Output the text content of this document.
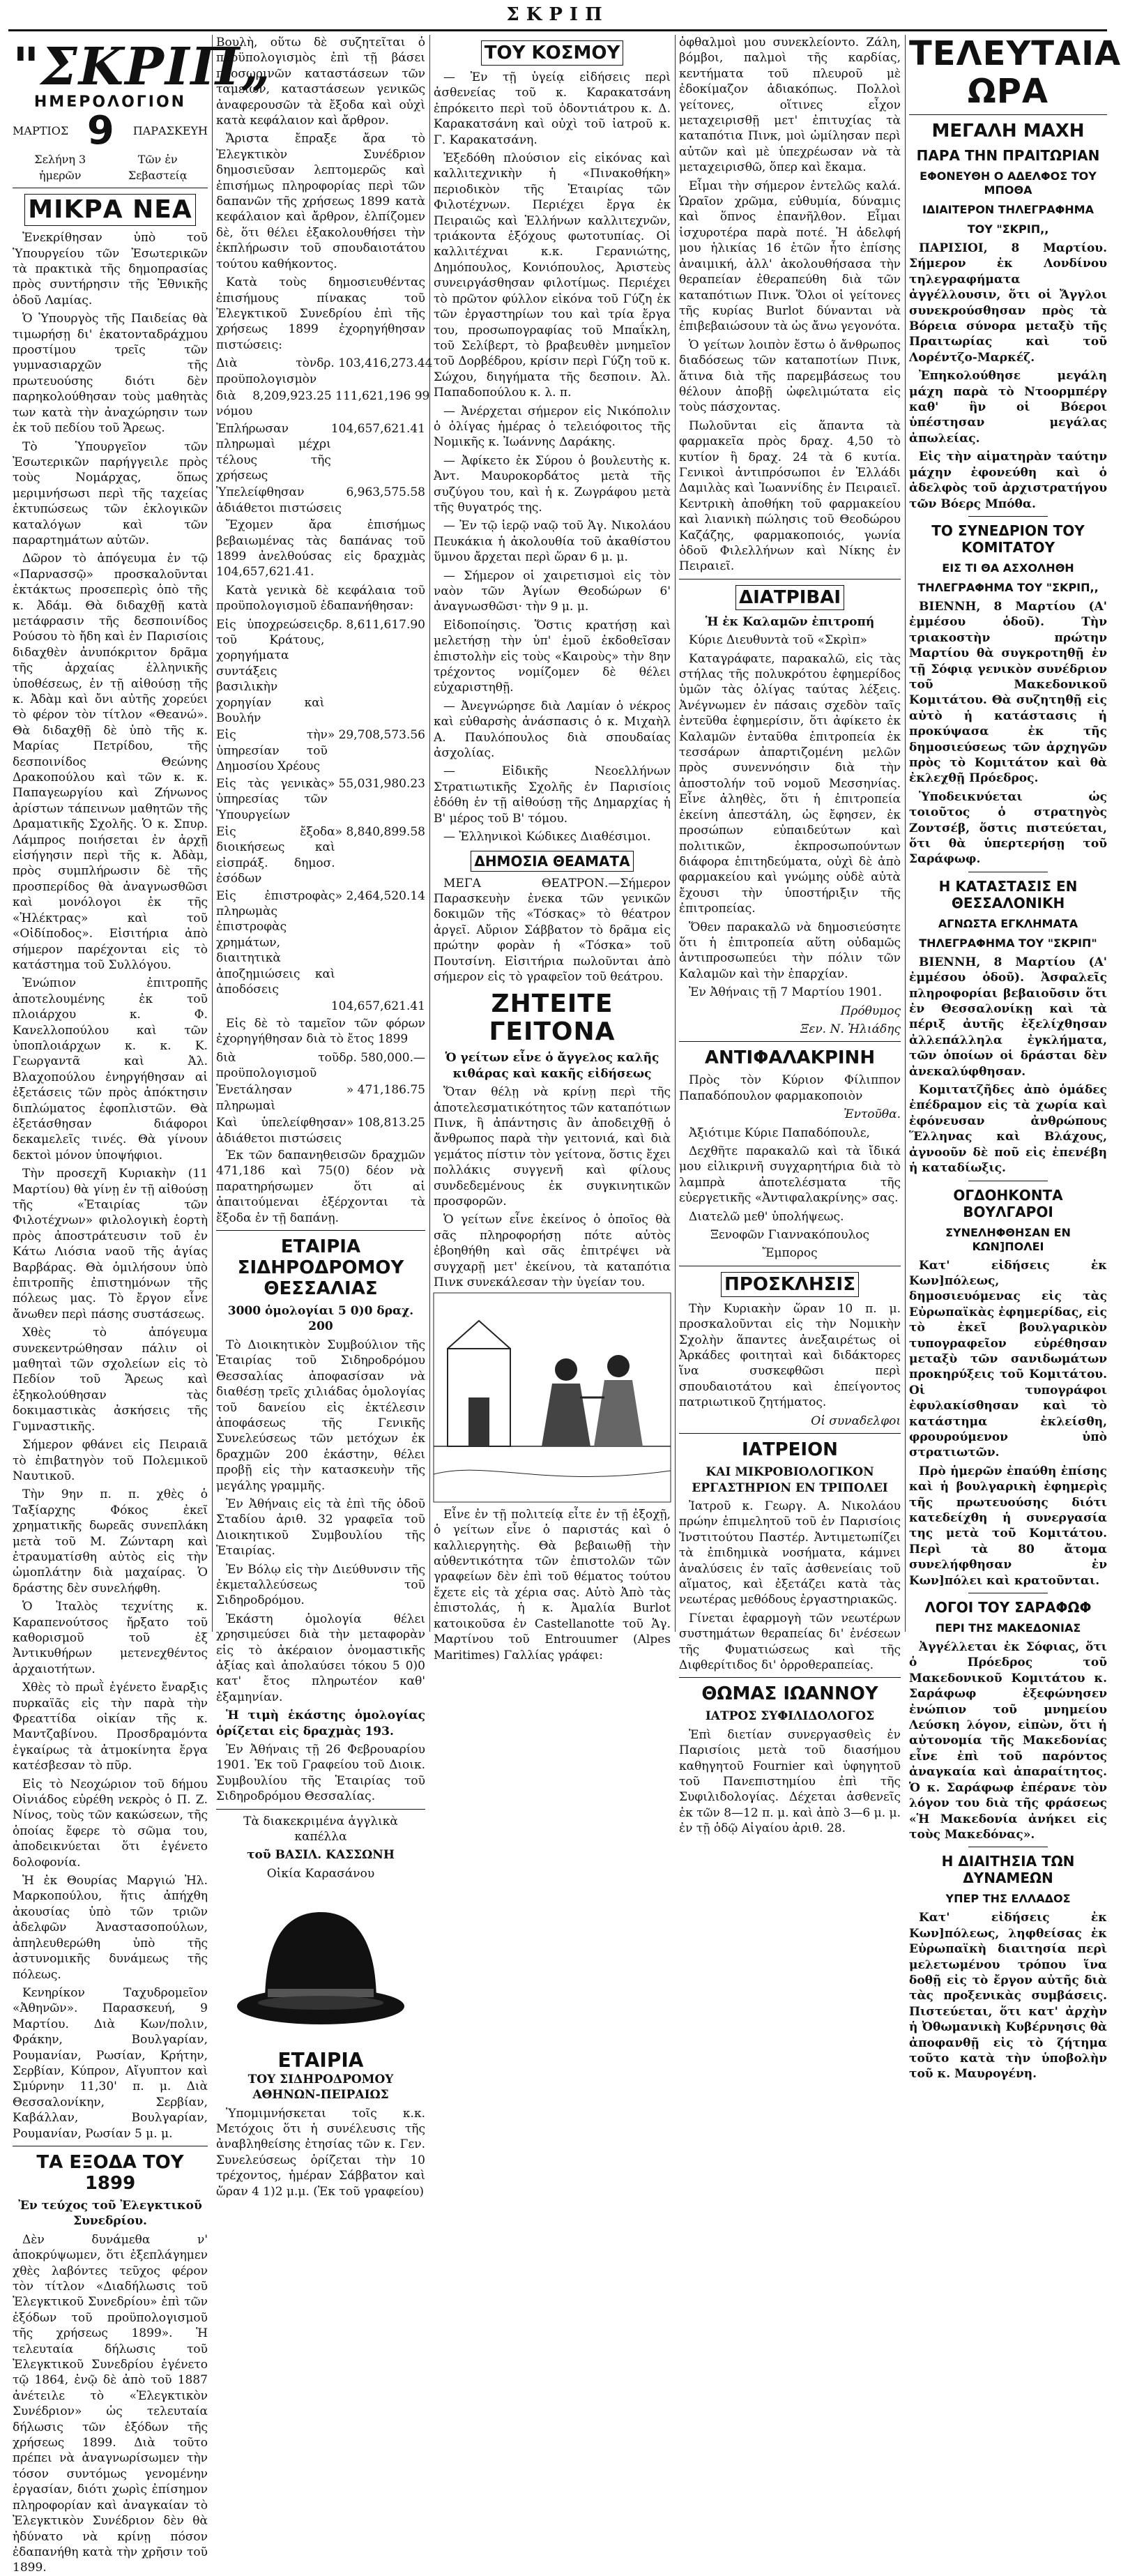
ΣΚΡΙΠ
"ΣΚΡΙΠ„
ΗΜΕΡΟΛΟΓΙΟΝ
ΜΑΡΤΙΟΣ 9 ΠΑΡΑΣΚΕΥΗ
Σελήνη 3 ἡμερῶν
Τῶν ἐν Σεβαστείᾳ
ΜΙΚΡΑ ΝΕΑ

Ἐνεκρίθησαν ὑπὸ τοῦ Ὑπουργείου τῶν Ἐσωτερικῶν τὰ πρακτικὰ τῆς δημοπρασίας πρὸς συντήρησιν τῆς Ἐθνικῆς ὁδοῦ Λαμίας.

Ὁ Ὑπουργὸς τῆς Παιδείας θὰ τιμωρήσῃ δι' ἑκατονταδράχμου προστίμου τρεῖς τῶν γυμνασιαρχῶν τῆς πρωτευούσης διότι δὲν παρηκολούθησαν τοὺς μαθητὰς των κατὰ τὴν ἀναχώρησιν των ἐκ τοῦ πεδίου τοῦ Ἄρεως.

Τὸ Ὑπουργεῖον τῶν Ἐσωτερικῶν παρήγγειλε πρὸς τοὺς Νομάρχας, ὅπως μεριμνήσωσι περὶ τῆς ταχείας ἐκτυπώσεως τῶν ἐκλογικῶν καταλόγων καὶ τῶν παραρτημάτων αὐτῶν.

Δῶρον τὸ ἀπόγευμα ἐν τῷ «Παρνασσῷ» προσκαλοῦνται ἐκτάκτως προσεπερὶς ὁπὸ τῆς κ. Ἀδάμ. Θὰ διδαχθῇ κατὰ μετάφρασιν τῆς δεσποινίδος Ρούσου τὸ ἤδη καὶ ἐν Παρισίοις διδαχθὲν ἀνυπόκριτον δρᾶμα τῆς ἀρχαίας ἑλληνικῆς ὑποθέσεως, ἐν τῇ αἰθούσῃ τῆς κ. Ἀδὰμ καὶ ὄνι αὐτῆς χορεύει τὸ φέρον τὸν τίτλον «Θεανώ». Θὰ διδαχθῇ δὲ ὑπὸ τῆς κ. Μαρίας Πετρίδου, τῆς δεσποινίδος Θεώνης Δρακοπούλου καὶ τῶν κ. κ. Παπαγεωργίου καὶ Ζήνωνος ἀρίστων τάπεινων μαθητῶν τῆς Δραματικῆς Σχολῆς. Ὁ κ. Σπυρ. Λάμπρος ποιήσεται ἐν ἀρχῇ εἰσήγησιν περὶ τῆς κ. Ἀδὰμ, πρὸς συμπλήρωσιν δὲ τῆς προσπερίδος θὰ ἀναγνωσθῶσι καὶ μονόλογοι ἐκ τῆς «Ἠλέκτρας» καὶ τοῦ «Οἰδίποδος». Εἰσιτήρια ἀπὸ σήμερον παρέχονται εἰς τὸ κατάστημα τοῦ Συλλόγου.

Ἐνώπιον ἐπιτροπῆς ἀποτελουμένης ἐκ τοῦ πλοιάρχου κ. Φ. Κανελλοπούλου καὶ τῶν ὑποπλοιάρχων κ. κ. Κ. Γεωργαντᾶ καὶ Ἀλ. Βλαχοπούλου ἐνηργήθησαν αἱ ἐξετάσεις τῶν πρὸς ἀπόκτησιν διπλώματος ἐφοπλιστῶν. Θὰ ἐξετάσθησαν διάφοροι δεκαμελεῖς τινές. Θὰ γίνουν δεκτοὶ μόνον ὑποψήφιοι.

Τὴν προσεχῆ Κυριακὴν (11 Μαρτίου) θὰ γίνῃ ἐν τῇ αἰθούσῃ τῆς «Ἑταιρίας τῶν Φιλοτέχνων» φιλολογικὴ ἑορτὴ πρὸς ἀποστράτευσιν τοῦ ἐν Κάτω Λιόσια ναοῦ τῆς ἁγίας Βαρβάρας. Θὰ ὁμιλήσουν ὑπὸ ἐπιτροπῆς ἐπιστημόνων τῆς πόλεως μας. Τὸ ἔργον εἶνε ἄνωθεν περὶ πάσης συστάσεως.

Χθὲς τὸ ἀπόγευμα συνεκεντρώθησαν πάλιν οἱ μαθηταὶ τῶν σχολείων εἰς τὸ Πεδίον τοῦ Ἄρεως καὶ ἐξηκολούθησαν τὰς δοκιμαστικὰς ἀσκήσεις τῆς Γυμναστικῆς.

Σήμερον φθάνει εἰς Πειραιᾶ τὸ ἐπιβατηγὸν τοῦ Πολεμικοῦ Ναυτικοῦ.

Τὴν 9ην π. π. χθὲς ὁ Ταξίαρχης Φόκος ἐκεῖ χρηματικῆς δωρεᾶς συνεπλάκη μετὰ τοῦ Μ. Ζώνταρη καὶ ἐτραυματίσθη αὐτὸς εἰς τὴν ὠμοπλάτην διὰ μαχαίρας. Ὁ δράστης δὲν συνελήφθη.

Ὁ Ἰταλὸς τεχνίτης κ. Καραπενούτσος ἤρξατο τοῦ καθορισμοῦ τοῦ ἐξ Ἀντικυθήρων μετενεχθέντος ἀρχαιοτήτων.

Χθὲς τὸ πρωῒ ἐγένετο ἔναρξις πυρκαϊᾶς εἰς τὴν παρὰ τὴν Φρεαττίδα οἰκίαν τῆς κ. Μαντζαβίνου. Προσδραμόντα ἐγκαίρως τὰ ἀτμοκίνητα ἔργα κατέσβεσαν τὸ πῦρ.

Εἰς τὸ Νεοχώριον τοῦ δήμου Οἰνιάδος εὑρέθη νεκρὸς ὁ Π. Ζ. Νίνος, τοὺς τῶν κακώσεων, τῆς ὁποίας ἔφερε τὸ σῶμα του, ἀποδεικνύεται ὅτι ἐγένετο δολοφονία.

Ἡ ἐκ Θουρίας Μαργιώ Ἠλ. Μαρκοπούλου, ἥτις ἀπήχθη ἀκουσίας ὑπὸ τῶν τριῶν ἀδελφῶν Ἀναστασοπούλων, ἀπηλευθερώθη ὑπὸ τῆς ἀστυνομικῆς δυνάμεως τῆς πόλεως.

Κενηρίκον Ταχυδρομεῖον «Ἀθηνῶν». Παρασκευή, 9 Μαρτίου. Διὰ Κων/πολιν, Φράκην, Βουλγαρίαν, Ρουμανίαν, Ρωσίαν, Κρήτην, Σερβίαν, Κύπρον, Αἴγυπτον καὶ Σμύρνην 11,30' π. μ. Διὰ Θεσσαλονίκην, Σερβίαν, Καβάλλαν, Βουλγαρίαν, Ρουμανίαν, Ρωσίαν 5 μ. μ.

ΤΑ ΕΞΟΔΑ ΤΟΥ 1899

Ἐν τεύχος τοῦ Ἐλεγκτικοῦ Συνεδρίου.

Δὲν δυνάμεθα ν' ἀποκρύψωμεν, ὅτι ἐξεπλάγημεν χθὲς λαβόντες τεῦχος φέρον τὸν τίτλον «Διαδήλωσις τοῦ Ἐλεγκτικοῦ Συνεδρίου» ἐπὶ τῶν ἐξόδων τοῦ προϋπολογισμοῦ τῆς χρήσεως 1899». Ἡ τελευταία δήλωσις τοῦ Ἐλεγκτικοῦ Συνεδρίου ἐγένετο τῷ 1864, ἐνῷ δὲ ἀπὸ τοῦ 1887 ἀνέτειλε τὸ «Ἐλεγκτικὸν Συνέδριον» ὡς τελευταία δήλωσις τῶν ἐξόδων τῆς χρήσεως 1899. Διὰ τοῦτο πρέπει νὰ ἀναγνωρίσωμεν τὴν τόσον συντόμως γενομένην ἐργασίαν, διότι χωρὶς ἐπίσημον πληροφορίαν καὶ ἀναγκαίαν τὸ Ἐλεγκτικὸν Συνέδριον δὲν θὰ ἠδύνατο νὰ κρίνῃ πόσον ἐδαπανήθη κατὰ τὴν χρῆσιν τοῦ 1899.

Βουλὴ, οὕτω δὲ συζητεῖται ὁ προϋπολογισμὸς ἐπὶ τῇ βάσει προσωρινῶν καταστάσεων τῶν ταμείων, καταστάσεων γενικῶς ἀναφερουσῶν τὰ ἔξοδα καὶ οὐχὶ κατὰ κεφάλαιον καὶ ἄρθρον.

Ἄριστα ἔπραξε ἄρα τὸ Ἐλεγκτικὸν Συνέδριον δημοσιεῦσαν λεπτομερῶς καὶ ἐπισήμως πληροφορίας περὶ τῶν δαπανῶν τῆς χρήσεως 1899 κατὰ κεφάλαιον καὶ ἄρθρον, ἐλπίζομεν δὲ, ὅτι θέλει ἐξακολουθήσει τὴν ἐκπλήρωσιν τοῦ σπουδαιοτάτου τούτου καθήκοντος.

Κατὰ τοὺς δημοσιευθέντας ἐπισήμους πίνακας τοῦ Ἐλεγκτικοῦ Συνεδρίου ἐπὶ τῆς χρήσεως 1899 ἐχορηγήθησαν πιστώσεις:

Διὰ τὸν προϋπολογισμὸν
δρ. 103,416,273.44
διὰ νόμου
8,209,923.25 111,621,196 99
Ἐπλήρωσαν πληρωμαὶ μέχρι τέλους τῆς χρήσεως
104,657,621.41
Ὑπελείφθησαν ἀδιάθετοι πιστώσεις
6,963,575.58

Ἔχομεν ἄρα ἐπισήμως βεβαιωμένας τὰς δαπάνας τοῦ 1899 ἀνελθούσας εἰς δραχμὰς 104,657,621.41.

Κατὰ γενικὰ δὲ κεφάλαια τοῦ προϋπολογισμοῦ ἐδαπανήθησαν:

Εἰς ὑποχρεώσεις τοῦ Κράτους, χορηγήματα συντάξεις βασιλικὴν χορηγίαν καὶ Βουλήν
δρ. 8,611,617.90
Εἰς τὴν ὑπηρεσίαν τοῦ Δημοσίου Χρέους
» 29,708,573.56
Εἰς τὰς γενικὰς ὑπηρεσίας τῶν Ὑπουργείων
» 55,031,980.23
Εἰς ἔξοδα διοικήσεως καὶ εἰσπράξ. δημοσ. ἐσόδων
» 8,840,899.58
Εἰς ἐπιστροφὰς πληρωμὰς ἐπιστροφὰς χρημάτων, διαιτητικὰ ἀποζημιώσεις καὶ ἀποδόσεις
» 2,464,520.14
104,657,621.41

Εἰς δὲ τὸ ταμεῖον τῶν φόρων ἐχορηγήθησαν διὰ τὸ ἔτος 1899

διὰ τοῦ προϋπολογισμοῦ
δρ. 580,000.—
Ἐνετάλησαν πληρωμαὶ
» 471,186.75
Καὶ ὑπελείφθησαν ἀδιάθετοι πιστώσεις
» 108,813.25

Ἐκ τῶν δαπανηθεισῶν δραχμῶν 471,186 καὶ 75(0) δέον νὰ παρατηρήσωμεν ὅτι αἱ ἀπαιτούμεναι ἐξέρχονται τὰ ἔξοδα ἐν τῇ δαπάνῃ.

ΕΤΑΙΡΙΑ ΣΙΔΗΡΟΔΡΟΜΟΥ ΘΕΣΣΑΛΙΑΣ

3000 ὁμολογίαι 5 0)0 δραχ. 200

Τὸ Διοικητικὸν Συμβούλιον τῆς Ἑταιρίας τοῦ Σιδηροδρόμου Θεσσαλίας ἀποφασίσαν νὰ διαθέσῃ τρεῖς χιλιάδας ὁμολογίας τοῦ δανείου εἰς ἐκτέλεσιν ἀποφάσεως τῆς Γενικῆς Συνελεύσεως τῶν μετόχων ἐκ δραχμῶν 200 ἑκάστην, θέλει προβῇ εἰς τὴν κατασκευὴν τῆς μεγάλης γραμμῆς.

Ἐν Ἀθήναις εἰς τὰ ἐπὶ τῆς ὁδοῦ Σταδίου ἀριθ. 32 γραφεῖα τοῦ Διοικητικοῦ Συμβουλίου τῆς Ἑταιρίας.

Ἐν Βόλῳ εἰς τὴν Διεύθυνσιν τῆς ἐκμεταλλεύσεως τοῦ Σιδηροδρόμου.

Ἑκάστη ὁμολογία θέλει χρησιμεύσει διὰ τὴν μεταφορὰν εἰς τὸ ἀκέραιον ὀνομαστικῆς ἀξίας καὶ ἀπολαύσει τόκου 5 0)0 κατ' ἔτος πληρωτέον καθ' ἑξαμηνίαν.

Ἡ τιμὴ ἑκάστης ὁμολογίας ὁρίζεται εἰς δραχμὰς 193.

Ἐν Ἀθήναις τῇ 26 Φεβρουαρίου 1901. Ἐκ τοῦ Γραφείου τοῦ Διοικ. Συμβουλίου τῆς Ἑταιρίας τοῦ Σιδηροδρόμου Θεσσαλίας.

Τὰ διακεκριμένα ἀγγλικὰ καπέλλα

τοῦ ΒΑΣΙΛ. ΚΑΣΣΩΝΗ

Οἰκία Καρασάνου

ΕΤΑΙΡΙΑ

ΤΟΥ ΣΙΔΗΡΟΔΡΟΜΟΥ ΑΘΗΝΩΝ-ΠΕΙΡΑΙΩΣ

Ὑπομιμνήσκεται τοῖς κ.κ. Μετόχοις ὅτι ἡ συνέλευσις τῆς ἀναβληθείσης ἐτησίας τῶν κ. Γεν. Συνελεύσεως ὁρίζεται τὴν 10 τρέχοντος, ἡμέραν Σάββατον καὶ ὥραν 4 1)2 μ.μ. (Ἐκ τοῦ γραφείου)

ΤΟΥ ΚΟΣΜΟΥ

— Ἐν τῇ ὑγείᾳ εἰδήσεις περὶ ἀσθενείας τοῦ κ. Καρακατσάνη ἐπρόκειτο περὶ τοῦ ὀδοντιάτρου κ. Δ. Καρακατσάνη καὶ οὐχὶ τοῦ ἰατροῦ κ. Γ. Καρακατσάνη.

Ἐξεδόθη πλούσιον εἰς εἰκόνας καὶ καλλιτεχνικὴν ἡ «Πινακοθήκη» περιοδικὸν τῆς Ἑταιρίας τῶν Φιλοτέχνων. Περιέχει ἔργα ἐκ Πειραιῶς καὶ Ἑλλήνων καλλιτεχνῶν, τριάκοντα ἐξόχους φωτοτυπίας. Οἱ καλλιτέχναι κ.κ. Γερανιώτης, Δημόπουλος, Κονιόπουλος, Ἀριστεὺς συνειργάσθησαν φιλοτίμως. Περιέχει τὸ πρῶτον φύλλον εἰκόνα τοῦ Γύζη ἐκ τῶν ἐργαστηρίων του καὶ τρία ἔργα του, προσωπογραφίας τοῦ Μπαΐκλη, τοῦ Σελίβερτ, τὸ βραβευθὲν μνημεῖον τοῦ Δορβέδρου, κρίσιν περὶ Γύζη τοῦ κ. Σώχου, διηγήματα τῆς δεσποιν. Ἀλ. Παπαδοπούλου κ. λ. π.

— Ἀνέρχεται σήμερον εἰς Νικόπολιν ὁ ὀλίγας ἡμέρας ὁ τελειόφοιτος τῆς Νομικῆς κ. Ἰωάννης Δαράκης.

— Ἀφίκετο ἐκ Σύρου ὁ βουλευτὴς κ. Ἀντ. Μαυροκορδάτος μετὰ τῆς συζύγου του, καὶ ἡ κ. Ζωγράφου μετὰ τῆς θυγατρός της.

— Ἐν τῷ ἱερῷ ναῷ τοῦ Ἁγ. Νικολάου Πευκάκια ἡ ἀκολουθία τοῦ ἀκαθίστου ὕμνου ἄρχεται περὶ ὥραν 6 μ. μ.

— Σήμερον οἱ χαιρετισμοὶ εἰς τὸν ναὸν τῶν Ἁγίων Θεοδώρων 6' ἀναγνωσθῶσι· τὴν 9 μ. μ.

Εἰδοποίησις. Ὅστις κρατήσῃ καὶ μελετήσῃ τὴν ὑπ' ἐμοῦ ἐκδοθεῖσαν ἐπιστολὴν εἰς τοὺς «Καιροὺς» τὴν 8ην τρέχοντος νομίζομεν δὲ θέλει εὐχαριστηθῇ.

— Ἀνεγνώρησε διὰ Λαμίαν ὁ νέκρος καὶ εὐθαρσὴς ἀνάσπασις ὁ κ. Μιχαὴλ Α. Παυλόπουλος διὰ σπουδαίας ἀσχολίας.

— Εἰδικῆς Νεοελλήνων Στρατιωτικῆς Σχολῆς ἐν Παρισίοις ἐδόθη ἐν τῇ αἰθούσῃ τῆς Δημαρχίας ἡ Β' μέρος τοῦ Β' τόμου.

— Ἐλληνικοὶ Κώδικες Διαθέσιμοι.

ΔΗΜΟΣΙΑ ΘΕΑΜΑΤΑ

ΜΕΓΑ ΘΕΑΤΡΟΝ.—Σήμερον Παρασκευὴν ἐνεκα τῶν γενικῶν δοκιμῶν τῆς «Τόσκας» τὸ θέατρον ἀργεῖ. Αὔριον Σάββατον τὸ δρᾶμα εἰς πρώτην φορὰν ἡ «Τόσκα» τοῦ Πουτσίνη. Εἰσιτήρια πωλοῦνται ἀπὸ σήμερον εἰς τὸ γραφεῖον τοῦ θεάτρου.

ΖΗΤΕΙΤΕ ΓΕΙΤΟΝΑ

Ὁ γείτων εἶνε ὁ ἄγγελος καλῆς κιθάρας καὶ κακῆς εἰδήσεως

Ὅταν θέλῃ νὰ κρίνῃ περὶ τῆς ἀποτελεσματικότητος τῶν καταπότιων Πινκ, ἢ ἀπάντησις ἂν ἀποδειχθῇ ὁ ἄνθρωπος παρὰ τὴν γειτονιά, καὶ διὰ γεμάτος πίστιν τὸν γείτονα, ὅστις ἔχει πολλάκις συγγενῆ καὶ φίλους συνδεδεμένους ἐκ συγκινητικῶν προσφορῶν.

Ὁ γείτων εἶνε ἐκείνος ὁ ὁποῖος θὰ σᾶς πληροφορήσῃ πότε αὐτὸς ἐβοηθήθη καὶ σᾶς ἐπιτρέψει νὰ συγχαρῇ μετ' ἐκείνου, τὰ καταπότια Πινκ συνεκάλεσαν τὴν ὑγείαν του.

Εἶνε ἐν τῇ πολιτείᾳ εἶτε ἐν τῇ ἐξοχῇ, ὁ γείτων εἶνε ὁ παριστάς καὶ ὁ καλλιεργητὴς. Θὰ βεβαιωθῇ τὴν αὐθεντικότητα τῶν ἐπιστολῶν τῶν γραφείων δὲν ἐπὶ τοῦ θέματος τούτου ἔχετε εἰς τὰ χέρια σας. Αὐτὸ Ἀπὸ τὰς ἐπιστολάς, ἡ κ. Ἀμαλία Burlot κατοικοῦσα ἐν Castellanotte τοῦ Ἁγ. Μαρτίνου τοῦ Entrouumer (Alpes Maritimes) Γαλλίας γράφει:

ὀφθαλμοὶ μου συνεκλείοντο. Ζάλη, βόμβοι, παλμοὶ τῆς καρδίας, κεντήματα τοῦ πλευροῦ μὲ ἐδοκίμαζον ἀδιακόπως. Πολλοὶ γείτονες, οἵτινες εἶχον μεταχειρισθῇ μετ' ἐπιτυχίας τὰ καταπότια Πινκ, μοὶ ὡμίλησαν περὶ αὐτῶν καὶ μὲ ὑπεχρέωσαν νὰ τὰ μεταχειρισθῶ, ὅπερ καὶ ἔκαμα.

Εἶμαι τὴν σήμερον ἐντελῶς καλά. Ὡραῖον χρῶμα, εὐθυμία, δύναμις καὶ ὅπνος ἐπανῆλθον. Εἶμαι ἰσχυροτέρα παρὰ ποτέ. Ἡ ἀδελφή μου ἡλικίας 16 ἐτῶν ἦτο ἐπίσης ἀναιμική, ἀλλ' ἀκολουθήσασα τὴν θεραπείαν ἐθεραπεύθη διὰ τῶν καταπότιων Πινκ. Ὅλοι οἱ γείτονες τῆς κυρίας Burlot δύνανται νὰ ἐπιβεβαιώσουν τὰ ὡς ἄνω γεγονότα.

Ὁ γείτων λοιπὸν ἔστω ὁ ἄνθρωπος διαδόσεως τῶν καταποτίων Πινκ, ἅτινα διὰ τῆς παρεμβάσεως του θέλουν ἀποβῇ ὠφελιμώτατα εἰς τοὺς πάσχοντας.

Πωλοῦνται εἰς ἅπαντα τὰ φαρμακεῖα πρὸς δραχ. 4,50 τὸ κυτίον ἢ δραχ. 24 τὰ 6 κυτία. Γενικοὶ ἀντιπρόσωποι ἐν Ἑλλάδι Δαμιλὰς καὶ Ἰωαννίδης ἐν Πειραιεῖ. Κεντρικὴ ἀποθήκη τοῦ φαρμακείου καὶ λιανικὴ πώλησις τοῦ Θεοδώρου Καζάζης, φαρμακοποιός, γωνία ὁδοῦ Φιλελλήνων καὶ Νίκης ἐν Πειραιεῖ.

ΔΙΑΤΡΙΒΑΙ

Ἡ ἐκ Καλαμῶν ἐπιτροπή

Κύριε Διευθυντὰ τοῦ «Σκρὶπ»

Καταγράφατε, παρακαλῶ, εἰς τὰς στήλας τῆς πολυκρότου ἐφημερίδος ὑμῶν τὰς ὀλίγας ταύτας λέξεις. Ἀνέγνωμεν ἐν πάσαις σχεδὸν ταῖς ἐντεῦθα ἐφημερίσιν, ὅτι ἀφίκετο ἐκ Καλαμῶν ἐνταῦθα ἐπιτροπεία ἐκ τεσσάρων ἀπαρτιζομένη μελῶν πρὸς συνεννόησιν διὰ τὴν ἀποστολήν τοῦ νομοῦ Μεσσηνίας. Εἶνε ἀληθὲς, ὅτι ἡ ἐπιτροπεία ἐκείνη ἀπεστάλη, ὡς ἔφησεν, ἐκ προσώπων εὐπαιδεύτων καὶ πολιτικῶν, ἐκπροσωπούντων διάφορα ἐπιτηδεύματα, οὐχὶ δὲ ἀπὸ φαρμακείου καὶ γνώμης οὐδὲ αὐτὰ ἔχουσι τὴν ὑποστήριξιν τῆς ἐπιτροπείας.

Ὅθεν παρακαλῶ νὰ δημοσιεύσητε ὅτι ἡ ἐπιτροπεία αὕτη οὐδαμῶς ἀντιπροσωπεύει τὴν πόλιν τῶν Καλαμῶν καὶ τὴν ἐπαρχίαν.

Ἐν Ἀθήναις τῇ 7 Μαρτίου 1901.

Πρόθυμος

Ξεν. Ν. Ἠλιάδης

ΑΝΤΙΦΑΛΑΚΡΙΝΗ

Πρὸς τὸν Κύριον Φίλιππον Παπαδόπουλον φαρμακοποιὸν

Ἐντοῦθα.

Ἀξιότιμε Κύριε Παπαδόπουλε,

Δεχθῆτε παρακαλῶ καὶ τὰ ἴδικά μου εἰλικρινῆ συγχαρητήρια διὰ τὸ λαμπρὰ ἀποτελέσματα τῆς εὐεργετικῆς «Ἀντιφαλακρίνης» σας.

Διατελῶ μεθ' ὑπολήψεως.

Ξενοφῶν Γιαννακόπουλος

Ἔμπορος

ΠΡΟΣΚΛΗΣΙΣ

Τὴν Κυριακὴν ὥραν 10 π. μ. προσκαλοῦνται εἰς τὴν Νομικὴν Σχολὴν ἅπαντες ἀνεξαιρέτως οἱ Ἀρκάδες φοιτηταὶ καὶ διδάκτορες ἵνα συσκεφθῶσι περὶ σπουδαιοτάτου καὶ ἐπείγοντος πατριωτικοῦ ζητήματος.

Οἱ συναδελφοι

ΙΑΤΡΕΙΟΝ

ΚΑΙ ΜΙΚΡΟΒΙΟΛΟΓΙΚΟΝ ΕΡΓΑΣΤΗΡΙΟΝ ΕΝ ΤΡΙΠΟΛΕΙ

Ἰατροῦ κ. Γεωργ. Α. Νικολάου πρώην ἐπιμελητοῦ τοῦ ἐν Παρισίοις Ἰνστιτούτου Παστέρ. Ἀντιμετωπίζει τὰ ἐπιδημικὰ νοσήματα, κάμνει ἀναλύσεις ἐν ταῖς ἀσθενείαις τοῦ αἵματος, καὶ ἐξετάζει κατὰ τὰς νεωτέρας μεθόδους ἐργαστηριακῶς.

Γίνεται ἐφαρμογὴ τῶν νεωτέρων συστημάτων θεραπείας δι' ἐνέσεων τῆς Φυματιώσεως καὶ τῆς Διφθερίτιδος δι' ὀρροθεραπείας.

ΘΩΜΑΣ ΙΩΑΝΝΟΥ

ΙΑΤΡΟΣ ΣΥΦΙΛΙΔΟΛΟΓΟΣ

Ἐπὶ διετίαν συνεργασθεὶς ἐν Παρισίοις μετὰ τοῦ διασήμου καθηγητοῦ Fournier καὶ ὑφηγητοῦ τοῦ Πανεπιστημίου ἐπὶ τῆς Συφιλιδολογίας. Δέχεται ἀσθενεῖς ἐκ τῶν 8—12 π. μ. καὶ ἀπὸ 3—6 μ. μ. ἐν τῇ ὁδῷ Αἰγαίου ἀριθ. 28.

ΤΕΛΕΥΤΑΙΑ ΩΡΑ
ΜΕΓΑΛΗ ΜΑΧΗ
ΠΑΡΑ ΤΗΝ ΠΡΑΙΤΩΡΙΑΝ
ΕΦΟΝΕΥΘΗ Ο ΑΔΕΛΦΟΣ ΤΟΥ ΜΠΟΘΑ
ΙΔΙΑΙΤΕΡΟΝ ΤΗΛΕΓΡΑΦΗΜΑ
ΤΟΥ "ΣΚΡΙΠ,,

ΠΑΡΙΣΙΟΙ, 8 Μαρτίου. Σήμερον ἐκ Λονδίνου τηλεγραφήματα ἀγγέλλουσιν, ὅτι οἱ Ἄγγλοι συνεκρούσθησαν πρὸς τὰ Βόρεια σύνορα μεταξὺ τῆς Πραιτωρίας καὶ τοῦ Λορέντζο-Μαρκέζ.

Ἐπηκολούθησε μεγάλη μάχη παρὰ τὸ Ντοορμπέργ καθ' ἣν οἱ Βόεροι ὑπέστησαν μεγάλας ἀπωλείας.

Εἰς τὴν αἱματηρὰν ταύτην μάχην ἐφονεύθη καὶ ὁ ἀδελφὸς τοῦ ἀρχιστρατήγου τῶν Βόερς Μπόθα.

ΤΟ ΣΥΝΕΔΡΙΟΝ ΤΟΥ ΚΟΜΙΤΑΤΟΥ
ΕΙΣ ΤΙ ΘΑ ΑΣΧΟΛΗΘΗ
ΤΗΛΕΓΡΑΦΗΜΑ ΤΟΥ "ΣΚΡΙΠ,,

ΒΙΕΝΝΗ, 8 Μαρτίου (Α' ἐμμέσου ὁδοῦ). Τὴν τριακοστὴν πρώτην Μαρτίου θὰ συγκροτηθῇ ἐν τῇ Σόφιᾳ γενικὸν συνέδριον τοῦ Μακεδονικοῦ Κομιτάτου. Θὰ συζητηθῇ εἰς αὐτὸ ἡ κατάστασις ἡ προκύψασα ἐκ τῆς δημοσιεύσεως τῶν ἀρχηγῶν πρὸς τὸ Κομιτάτον καὶ θὰ ἐκλεχθῇ Πρόεδρος.

Ὑποδεικνύεται ὡς τοιοῦτος ὁ στρατηγὸς Ζοντσέβ, ὅστις πιστεύεται, ὅτι θὰ ὑπερτερήσῃ τοῦ Σαράφωφ.

Η ΚΑΤΑΣΤΑΣΙΣ ΕΝ ΘΕΣΣΑΛΟΝΙΚΗ
ΑΓΝΩΣΤΑ ΕΓΚΛΗΜΑΤΑ
ΤΗΛΕΓΡΑΦΗΜΑ ΤΟΥ "ΣΚΡΙΠ"

ΒΙΕΝΝΗ, 8 Μαρτίου (Α' ἐμμέσου ὁδοῦ). Ἀσφαλεῖς πληροφορίαι βεβαιοῦσιν ὅτι ἐν Θεσσαλονίκῃ καὶ τὰ πέριξ ἀυτῆς ἐξελίχθησαν ἀλλεπάλληλα ἐγκλήματα, τῶν ὁποίων οἱ δράσται δὲν ἀνεκαλύφθησαν.

Κομιτατζῆδες ἀπὸ ὁμάδες ἐπέδραμον εἰς τὰ χωρία καὶ ἐφόνευσαν ἀνθρώπους Ἕλληνας καὶ Βλάχους, ἀγνοοῦν δὲ ποῦ εἰς ἐπενέβη ἡ καταδίωξις.

ΟΓΔΟΗΚΟΝΤΑ ΒΟΥΛΓΑΡΟΙ
ΣΥΝΕΛΗΦΘΗΣΑΝ ΕΝ ΚΩΝ]ΠΟΛΕΙ

Κατ' εἰδήσεις ἐκ Κων]πόλεως, δημοσιευόμενας εἰς τὰς Εὐρωπαϊκὰς ἐφημερίδας, εἰς τὸ ἐκεῖ βουλγαρικὸν τυπογραφεῖον εὑρέθησαν μεταξὺ τῶν σανιδωμάτων προκηρύξεις τοῦ Κομιτάτου. Οἱ τυπογράφοι ἐφυλακίσθησαν καὶ τὸ κατάστημα ἐκλείσθη, φρουρούμενον ὑπὸ στρατιωτῶν.

Πρὸ ἡμερῶν ἐπαύθη ἐπίσης καὶ ἡ βουλγαρικὴ ἐφημερὶς τῆς πρωτευούσης διότι κατεδείχθη ἡ συνεργασία της μετὰ τοῦ Κομιτάτου. Περὶ τὰ 80 ἄτομα συνελήφθησαν ἐν Κων]πόλει καὶ κρατοῦνται.

ΛΟΓΟΙ ΤΟΥ ΣΑΡΑΦΩΦ
ΠΕΡΙ ΤΗΣ ΜΑΚΕΔΟΝΙΑΣ

Ἀγγέλλεται ἐκ Σόφιας, ὅτι ὁ Πρόεδρος τοῦ Μακεδονικοῦ Κομιτάτου κ. Σαράφωφ ἐξεφώνησεν ἐνώπιον τοῦ μνημείου Λεύσκη λόγον, εἰπὼν, ὅτι ἡ αὐτονομία τῆς Μακεδονίας εἶνε ἐπὶ τοῦ παρόντος ἀναγκαία καὶ ἀπαραίτητος. Ὁ κ. Σαράφωφ ἐπέρανε τὸν λόγον του διὰ τῆς φράσεως «Ἡ Μακεδονία ἀνήκει εἰς τοὺς Μακεδόνας».

Η ΔΙΑΙΤΗΣΙΑ ΤΩΝ ΔΥΝΑΜΕΩΝ
ΥΠΕΡ ΤΗΣ ΕΛΛΑΔΟΣ

Κατ' εἰδήσεις ἐκ Κων]πόλεως, ληφθείσας ἐκ Εὐρωπαϊκὴ διαιτησία περὶ μελετωμένου τρόπου ἵνα δοθῇ εἰς τὸ ἔργον αὐτῆς διὰ τὰς προξενικὰς συμβάσεις. Πιστεύεται, ὅτι κατ' ἀρχὴν ἡ Ὀθωμανικὴ Κυβέρνησις θὰ ἀποφανθῇ εἰς τὸ ζήτημα τοῦτο κατὰ τὴν ὑποβολὴν τοῦ κ. Μαυρογένη.
